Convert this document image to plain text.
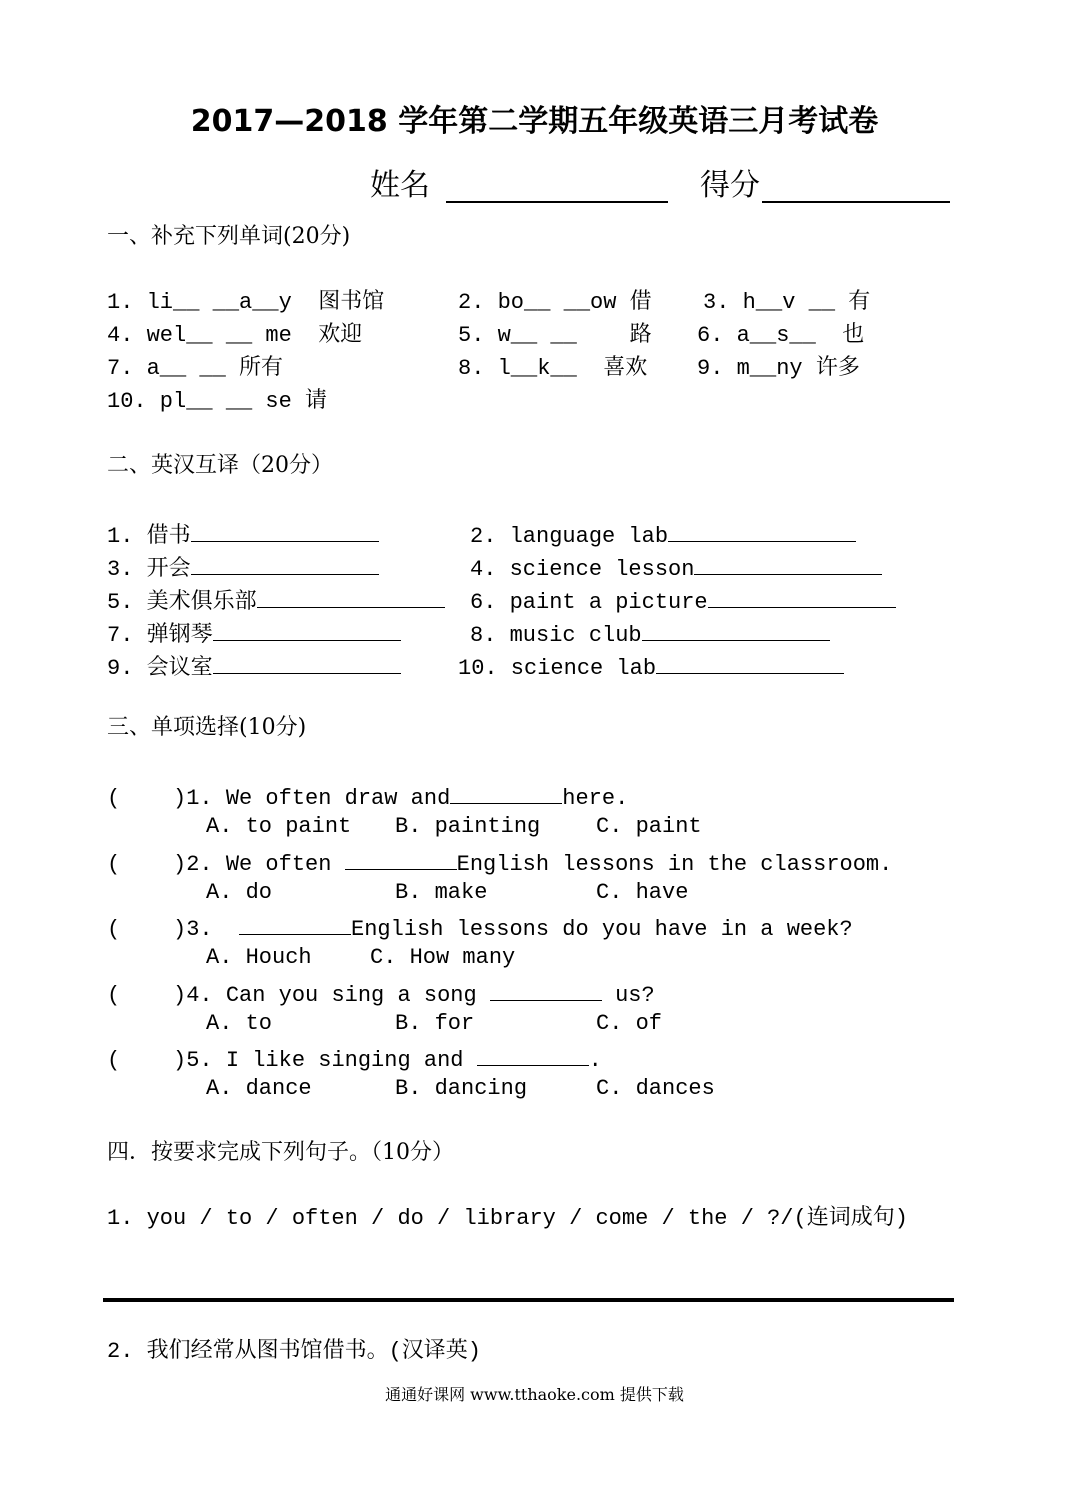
2017—2018 学年第二学期五年级英语三月考试卷
姓名	得分
一、补充下列单词(20分)
1. li__ __a__y  图书馆	2. bo__ __ow 借 3. h__v __ 有
4. wel__ __ me  欢迎	5. w__ __    路 6. a__s__  也
7. a__ __ 所有	8. l__k__  喜欢 9. m__ny 许多
10. pl__ __ se 请
二、英汉互译（20分）
1. 借书	2. language lab
3. 开会	4. science lesson
5. 美术俱乐部	6. paint a picture
7. 弹钢琴	8. music club
9. 会议室	10. science lab
三、单项选择(10分)
(    )1. We often draw and	here.
A. to paint B. painting	C. paint
(    )2. We often	English lessons in the classroom.
A. do	B. make	C. have
(    )3.	English lessons do you have in a week?
A. Houch	C. How many
(    )4. Can you sing a song	us?
A. to	B. for	C. of
(    )5. I like singing and	.
A. dance	B. dancing	C. dances
四．按要求完成下列句子。（10分）
1. you / to / often / do / library / come / the / ?/(连词成句)
2. 我们经常从图书馆借书。(汉译英)
通通好课网 www.tthaoke.com 提供下载
